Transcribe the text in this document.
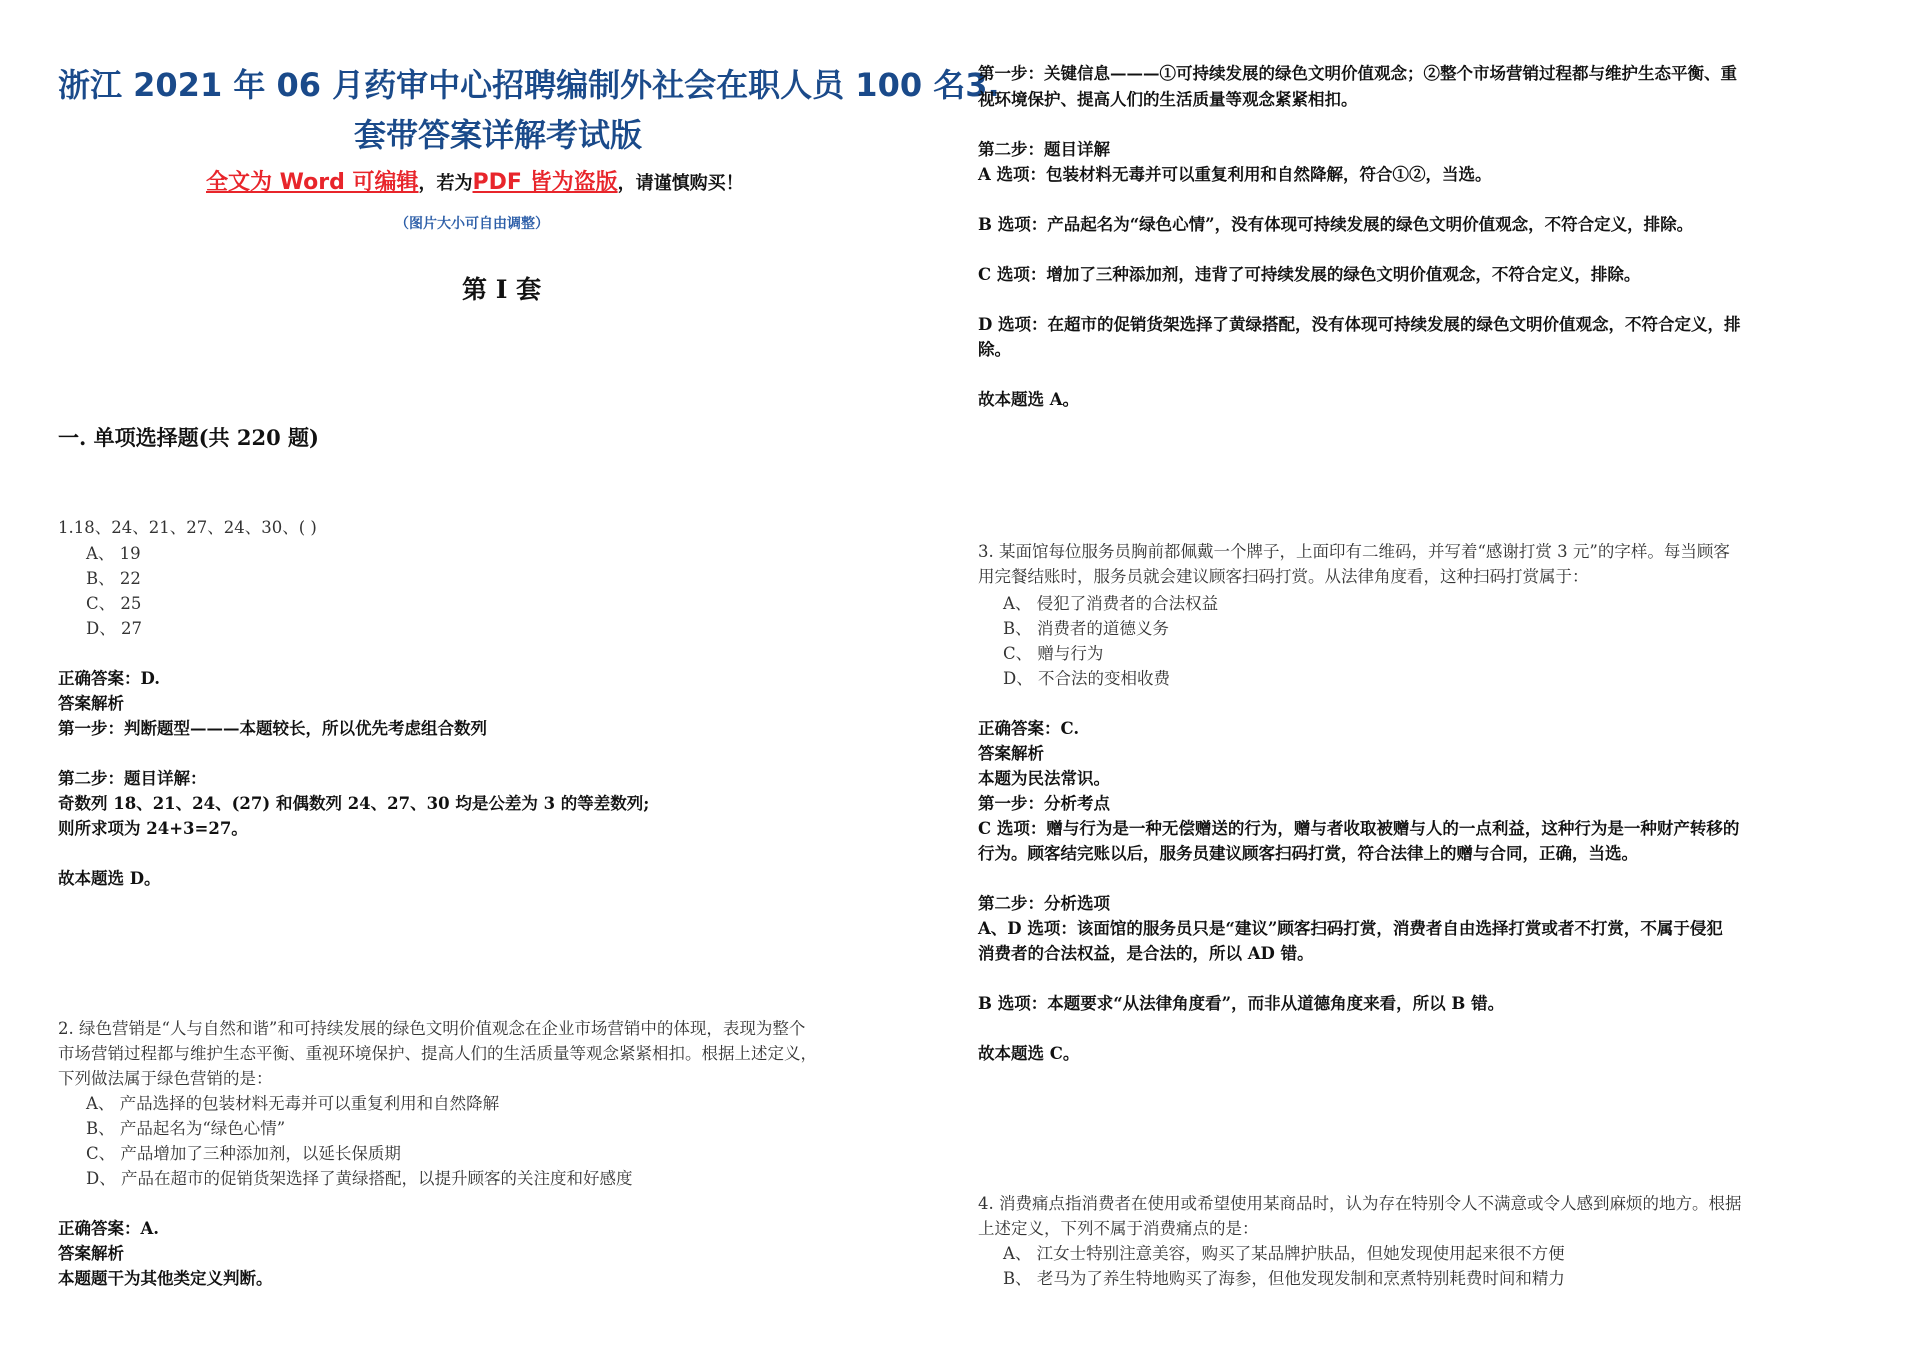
浙江 2021 年 06 月药审中心招聘编制外社会在职人员 100 名3.
套带答案详解考试版
全文为 Word 可编辑，若为PDF 皆为盗版，请谨慎购买！
（图片大小可自由调整）
第 I 套
一. 单项选择题(共 220 题)
1.18、24、21、27、24、30、( )
A、 19
B、 22
C、 25
D、 27
正确答案：D.
答案解析
第一步：判断题型———本题较长，所以优先考虑组合数列
第二步：题目详解：
奇数列 18、21、24、(27) 和偶数列 24、27、30 均是公差为 3 的等差数列;
则所求项为 24+3=27。
故本题选 D。
2. 绿色营销是“人与自然和谐”和可持续发展的绿色文明价值观念在企业市场营销中的体现，表现为整个
市场营销过程都与维护生态平衡、重视环境保护、提高人们的生活质量等观念紧紧相扣。根据上述定义，
下列做法属于绿色营销的是：
A、 产品选择的包装材料无毒并可以重复利用和自然降解
B、 产品起名为“绿色心情”
C、 产品增加了三种添加剂，以延长保质期
D、 产品在超市的促销货架选择了黄绿搭配，以提升顾客的关注度和好感度
正确答案：A.
答案解析
本题题干为其他类定义判断。
第一步：关键信息———①可持续发展的绿色文明价值观念；②整个市场营销过程都与维护生态平衡、重
视环境保护、提高人们的生活质量等观念紧紧相扣。
第二步：题目详解
A 选项：包装材料无毒并可以重复利用和自然降解，符合①②，当选。
B 选项：产品起名为“绿色心情”，没有体现可持续发展的绿色文明价值观念，不符合定义，排除。
C 选项：增加了三种添加剂，违背了可持续发展的绿色文明价值观念，不符合定义，排除。
D 选项：在超市的促销货架选择了黄绿搭配，没有体现可持续发展的绿色文明价值观念，不符合定义，排
除。
故本题选 A。
3. 某面馆每位服务员胸前都佩戴一个牌子，上面印有二维码，并写着“感谢打赏 3 元”的字样。每当顾客
用完餐结账时，服务员就会建议顾客扫码打赏。从法律角度看，这种扫码打赏属于：
A、 侵犯了消费者的合法权益
B、 消费者的道德义务
C、 赠与行为
D、 不合法的变相收费
正确答案：C.
答案解析
本题为民法常识。
第一步：分析考点
C 选项：赠与行为是一种无偿赠送的行为，赠与者收取被赠与人的一点利益，这种行为是一种财产转移的
行为。顾客结完账以后，服务员建议顾客扫码打赏，符合法律上的赠与合同，正确，当选。
第二步：分析选项
A、D 选项：该面馆的服务员只是“建议”顾客扫码打赏，消费者自由选择打赏或者不打赏，不属于侵犯
消费者的合法权益，是合法的，所以 AD 错。
B 选项：本题要求“从法律角度看”，而非从道德角度来看，所以 B 错。
故本题选 C。
4. 消费痛点指消费者在使用或希望使用某商品时，认为存在特别令人不满意或令人感到麻烦的地方。根据
上述定义，下列不属于消费痛点的是：
A、 江女士特别注意美容，购买了某品牌护肤品，但她发现使用起来很不方便
B、 老马为了养生特地购买了海参，但他发现发制和烹煮特别耗费时间和精力
